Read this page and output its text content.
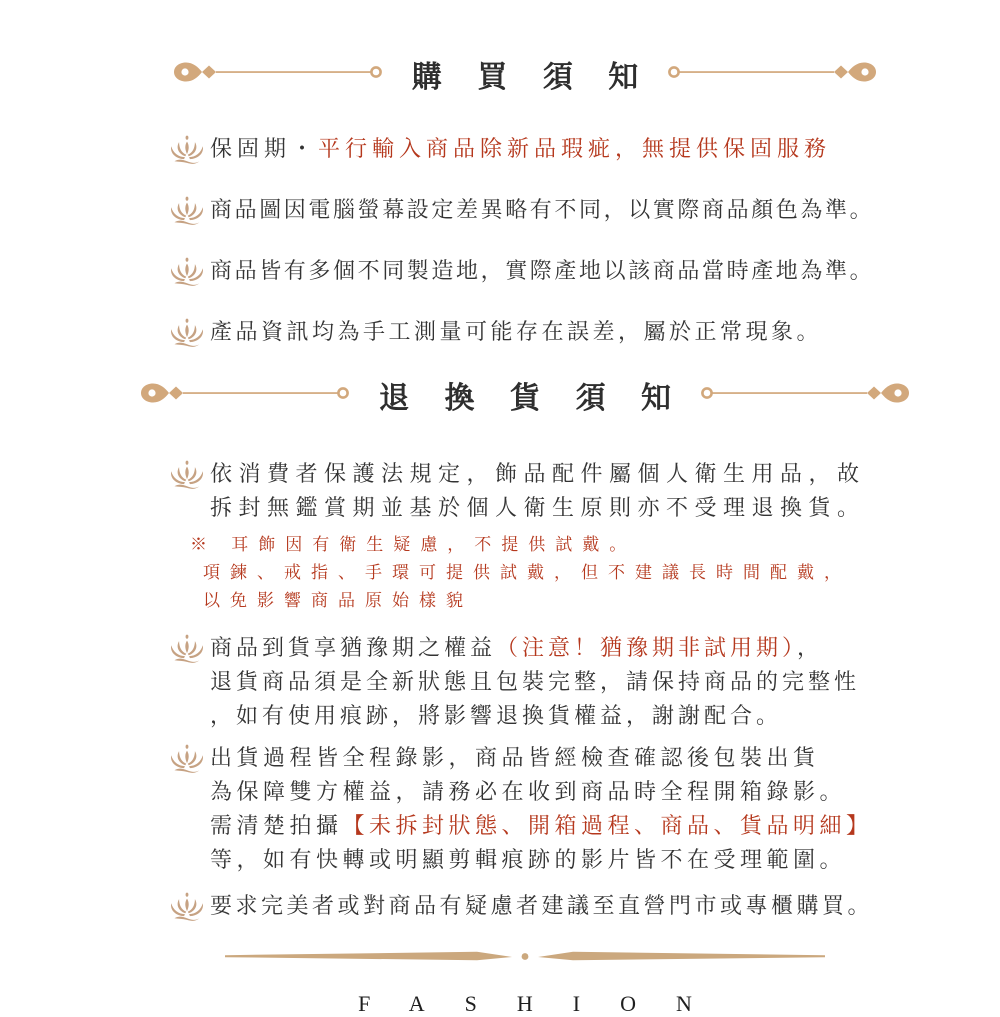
購 買 須 知
保固期・平行輸入商品除新品瑕疵，無提供保固服務
商品圖因電腦螢幕設定差異略有不同，以實際商品顏色為準。
商品皆有多個不同製造地，實際產地以該商品當時產地為準。
產品資訊均為手工測量可能存在誤差，屬於正常現象。
退 換 貨 須 知
依消費者保護法規定，飾品配件屬個人衛生用品，故
拆封無鑑賞期並基於個人衛生原則亦不受理退換貨。
※ 耳飾因有衛生疑慮，不提供試戴。
項鍊、戒指、手環可提供試戴，但不建議長時間配戴，
以免影響商品原始樣貌
商品到貨享猶豫期之權益（注意！猶豫期非試用期），
退貨商品須是全新狀態且包裝完整，請保持商品的完整性
，如有使用痕跡，將影響退換貨權益，謝謝配合。
出貨過程皆全程錄影，商品皆經檢查確認後包裝出貨
為保障雙方權益，請務必在收到商品時全程開箱錄影。
需清楚拍攝【未拆封狀態、開箱過程、商品、貨品明細】
等，如有快轉或明顯剪輯痕跡的影片皆不在受理範圍。
要求完美者或對商品有疑慮者建議至直營門市或專櫃購買。
FASHION
